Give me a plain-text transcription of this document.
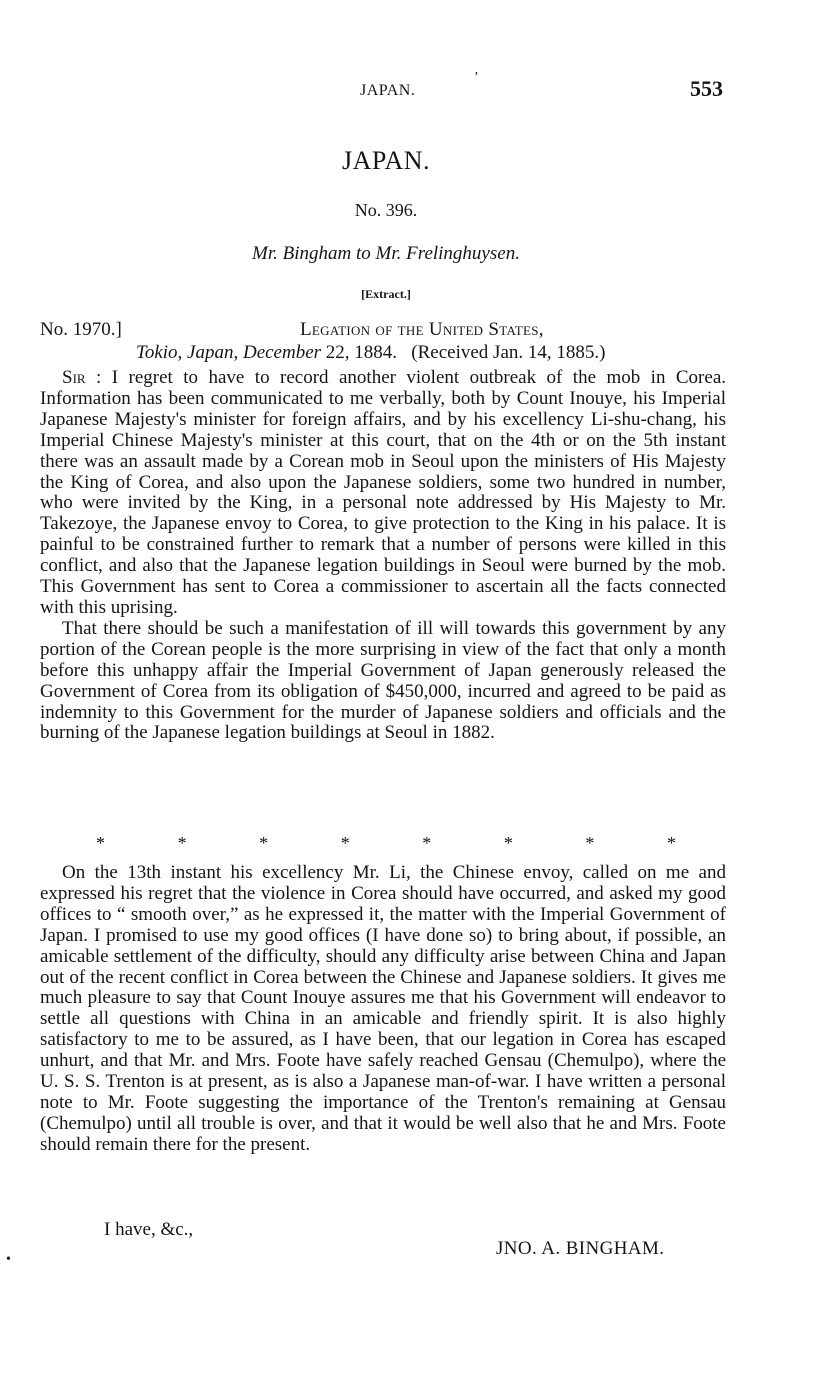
JAPAN.
ʼ	553
JAPAN.
No. 396.
Mr. Bingham to Mr. Frelinghuysen.
[Extract.]
No. 1970.]	Legation of the United States,
Tokio, Japan, December 22, 1884. (Received Jan. 14, 1885.)

Sir : I regret to have to record another violent outbreak of the mob in Corea. Information has been communicated to me verbally, both by Count Inouye, his Imperial Japanese Majesty's minister for foreign affairs, and by his excellency Li-shu-chang, his Imperial Chinese Majesty's minister at this court, that on the 4th or on the 5th instant there was an assault made by a Corean mob in Seoul upon the ministers of His Majesty the King of Corea, and also upon the Japanese soldiers, some two hundred in number, who were invited by the King, in a personal note addressed by His Majesty to Mr. Takezoye, the Japanese envoy to Corea, to give protection to the King in his palace. It is painful to be constrained further to remark that a number of persons were killed in this conflict, and also that the Japanese legation buildings in Seoul were burned by the mob. This Government has sent to Corea a commissioner to ascertain all the facts connected with this uprising.

That there should be such a manifestation of ill will towards this government by any portion of the Corean people is the more surprising in view of the fact that only a month before this unhappy affair the Imperial Government of Japan generously released the Government of Corea from its obligation of $450,000, incurred and agreed to be paid as indemnity to this Government for the murder of Japanese soldiers and officials and the burning of the Japanese legation buildings at Seoul in 1882.

*	*	*	*	*	*	*	*

On the 13th instant his excellency Mr. Li, the Chinese envoy, called on me and expressed his regret that the violence in Corea should have occurred, and asked my good offices to “ smooth over,” as he expressed it, the matter with the Imperial Government of Japan. I promised to use my good offices (I have done so) to bring about, if possible, an amicable settlement of the difficulty, should any difficulty arise between China and Japan out of the recent conflict in Corea between the Chinese and Japanese soldiers. It gives me much pleasure to say that Count Inouye assures me that his Government will endeavor to settle all questions with China in an amicable and friendly spirit. It is also highly satisfactory to me to be assured, as I have been, that our legation in Corea has escaped unhurt, and that Mr. and Mrs. Foote have safely reached Gensau (Chemulpo), where the U. S. S. Trenton is at present, as is also a Japanese man-of-war. I have written a personal note to Mr. Foote suggesting the importance of the Trenton's remaining at Gensau (Chemulpo) until all trouble is over, and that it would be well also that he and Mrs. Foote should remain there for the present.

I have, &c.,
JNO. A. BINGHAM.
•
